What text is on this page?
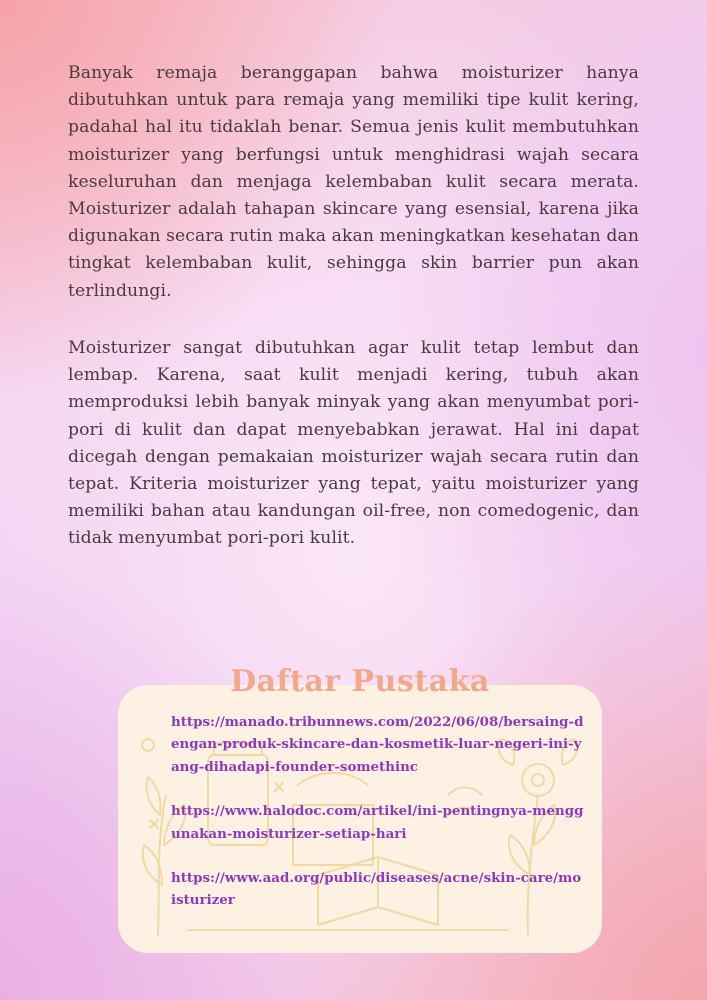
Banyak remaja beranggapan bahwa moisturizer hanya dibutuhkan untuk para remaja yang memiliki tipe kulit kering, padahal hal itu tidaklah benar. Semua jenis kulit membutuhkan moisturizer yang berfungsi untuk menghidrasi wajah secara keseluruhan dan menjaga kelembaban kulit secara merata. Moisturizer adalah tahapan skincare yang esensial, karena jika digunakan secara rutin maka akan meningkatkan kesehatan dan tingkat kelembaban kulit, sehingga skin barrier pun akan terlindungi.

Moisturizer sangat dibutuhkan agar kulit tetap lembut dan lembap. Karena, saat kulit menjadi kering, tubuh akan memproduksi lebih banyak minyak yang akan menyumbat pori-pori di kulit dan dapat menyebabkan jerawat. Hal ini dapat dicegah dengan pemakaian moisturizer wajah secara rutin dan tepat. Kriteria moisturizer yang tepat, yaitu moisturizer yang memiliki bahan atau kandungan oil-free, non comedogenic, dan tidak menyumbat pori-pori kulit.

https://manado.tribunnews.com/2022/06/08/bersaing-dengan-produk-skincare-dan-kosmetik-luar-negeri-ini-yang-dihadapi-founder-somethinc
https://www.halodoc.com/artikel/ini-pentingnya-menggunakan-moisturizer-setiap-hari
https://www.aad.org/public/diseases/acne/skin-care/moisturizer
Daftar Pustaka
